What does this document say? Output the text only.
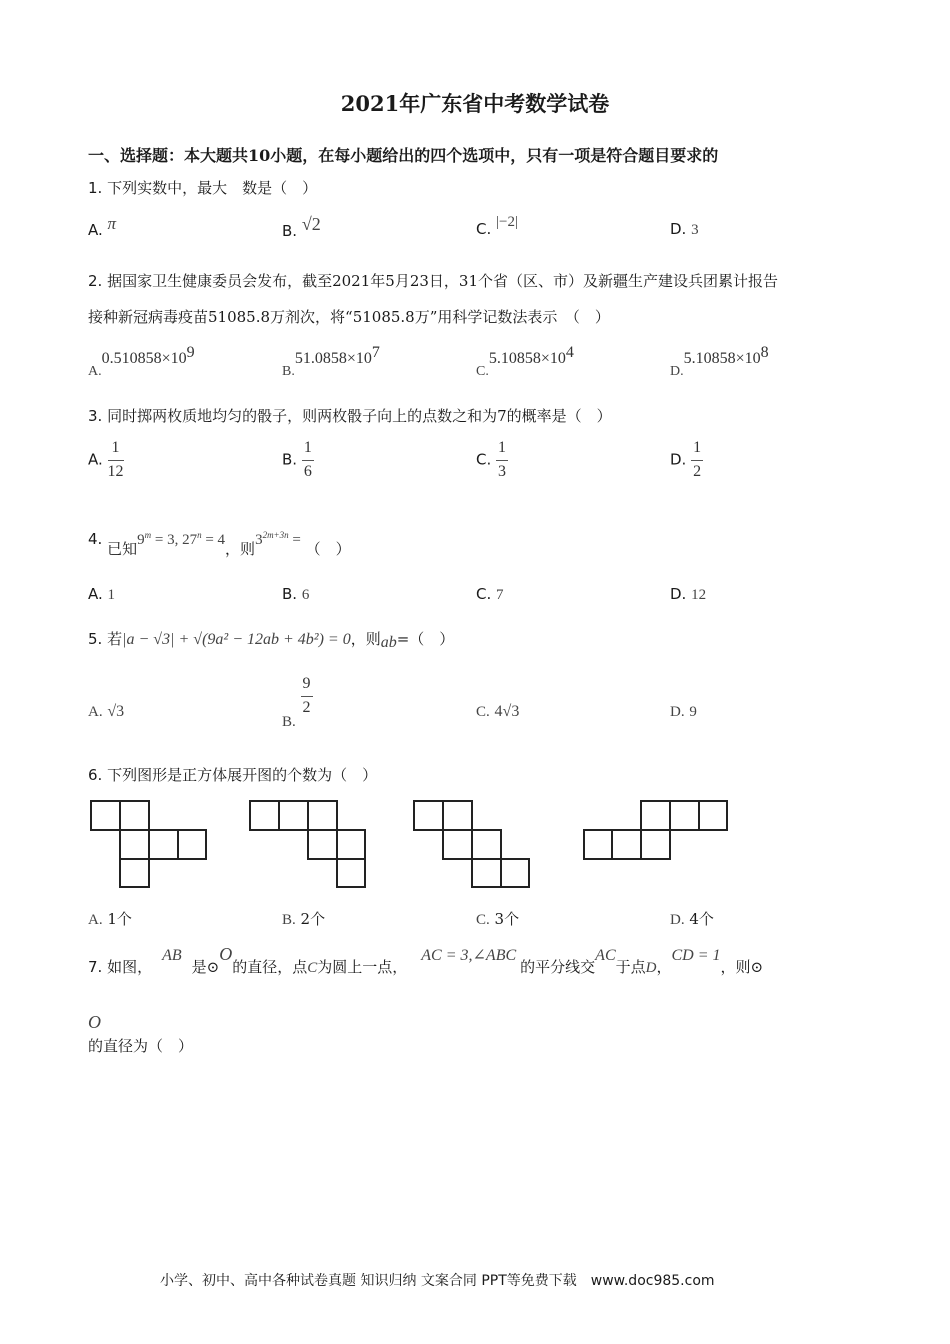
2021年广东省中考数学试卷
一、选择题：本大题共10小题，在每小题给出的四个选项中，只有一项是符合题目要求的
1. 下列实数中，最大　数是（　）
A. π	B. √2	C. |−2|	D. 3
2. 据国家卫生健康委员会发布，截至2021年5月23日，31个省（区、市）及新疆生产建设兵团累计报告
接种新冠病毒疫苗51085.8万剂次，将“51085.8万”用科学记数法表示　（　）
$A.0.510858\times 10^9$
$B.51.0858\times 10^7$
$C.5.10858\times 10^4$
$D.5.10858\times 10^8$
3. 同时掷两枚质地均匀的骰子，则两枚骰子向上的点数之和为7的概率是（　）
A. $\frac{1}{12}$	B. $\frac{1}{6}$	C. $\frac{1}{3}$	D. $\frac{1}{2}$
4. 已知$9^m = 3$, $27^n = 4$，则$3^{2m+3n}$ = （　）
A. 1	B. 6	C. 7	D. 12
5. 若|a − √3| + √(9a² − 12ab + 4b²) = 0，则ab=（　）
A. √3
B.
$\frac{9}{2}$	C. 4√3	D. 9
6. 下列图形是正方体展开图的个数为（　）
A. 1个	B. 2个	C. 3个	D. 4个
7. 如图，AB是⊙O的直径，点C为圆上一点，AC = 3,∠ABC的平分线交AC于点D，CD = 1，则⊙
O
的直径为（　）
小学、初中、高中各种试卷真题 知识归纳 文案合同 PPT等免费下载　www.doc985.com
